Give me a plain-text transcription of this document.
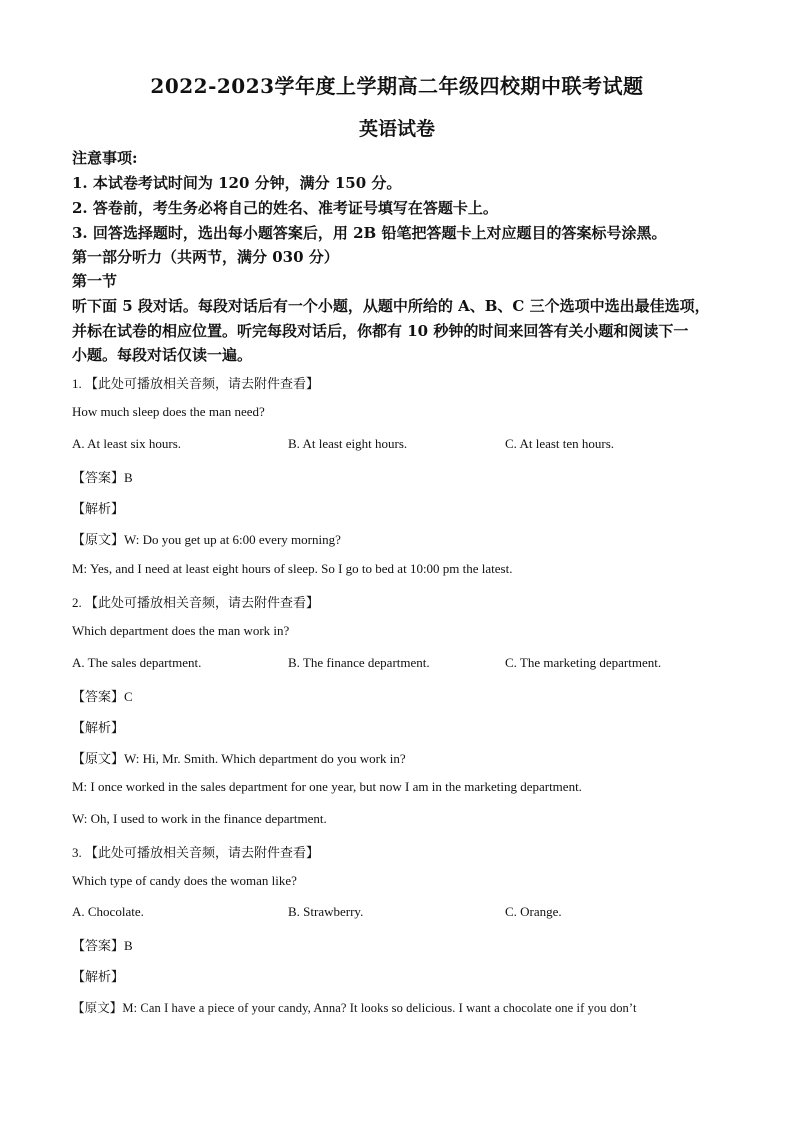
2022-2023学年度上学期高二年级四校期中联考试题
英语试卷
注意事项:
1. 本试卷考试时间为 120 分钟，满分 150 分。
2. 答卷前，考生务必将自己的姓名、准考证号填写在答题卡上。
3. 回答选择题时，选出每小题答案后，用 2B 铅笔把答题卡上对应题目的答案标号涂黑。
第一部分听力（共两节，满分 030 分）
第一节
听下面 5 段对话。每段对话后有一个小题，从题中所给的 A、B、C 三个选项中选出最佳选项，
并标在试卷的相应位置。听完每段对话后，你都有 10 秒钟的时间来回答有关小题和阅读下一
小题。每段对话仅读一遍。
1. 【此处可播放相关音频，请去附件查看】
How much sleep does the man need?
A. At least six hours.	B. At least eight hours.	C. At least ten hours.
【答案】B
【解析】
【原文】W: Do you get up at 6:00 every morning?
M: Yes, and I need at least eight hours of sleep. So I go to bed at 10:00 pm the latest.
2. 【此处可播放相关音频，请去附件查看】
Which department does the man work in?
A. The sales department.	B. The finance department.	C. The marketing department.
【答案】C
【解析】
【原文】W: Hi, Mr. Smith. Which department do you work in?
M: I once worked in the sales department for one year, but now I am in the marketing department.
W: Oh, I used to work in the finance department.
3. 【此处可播放相关音频，请去附件查看】
Which type of candy does the woman like?
A. Chocolate.	B. Strawberry.	C. Orange.
【答案】B
【解析】
【原文】M: Can I have a piece of your candy, Anna? It looks so delicious. I want a chocolate one if you don’t
